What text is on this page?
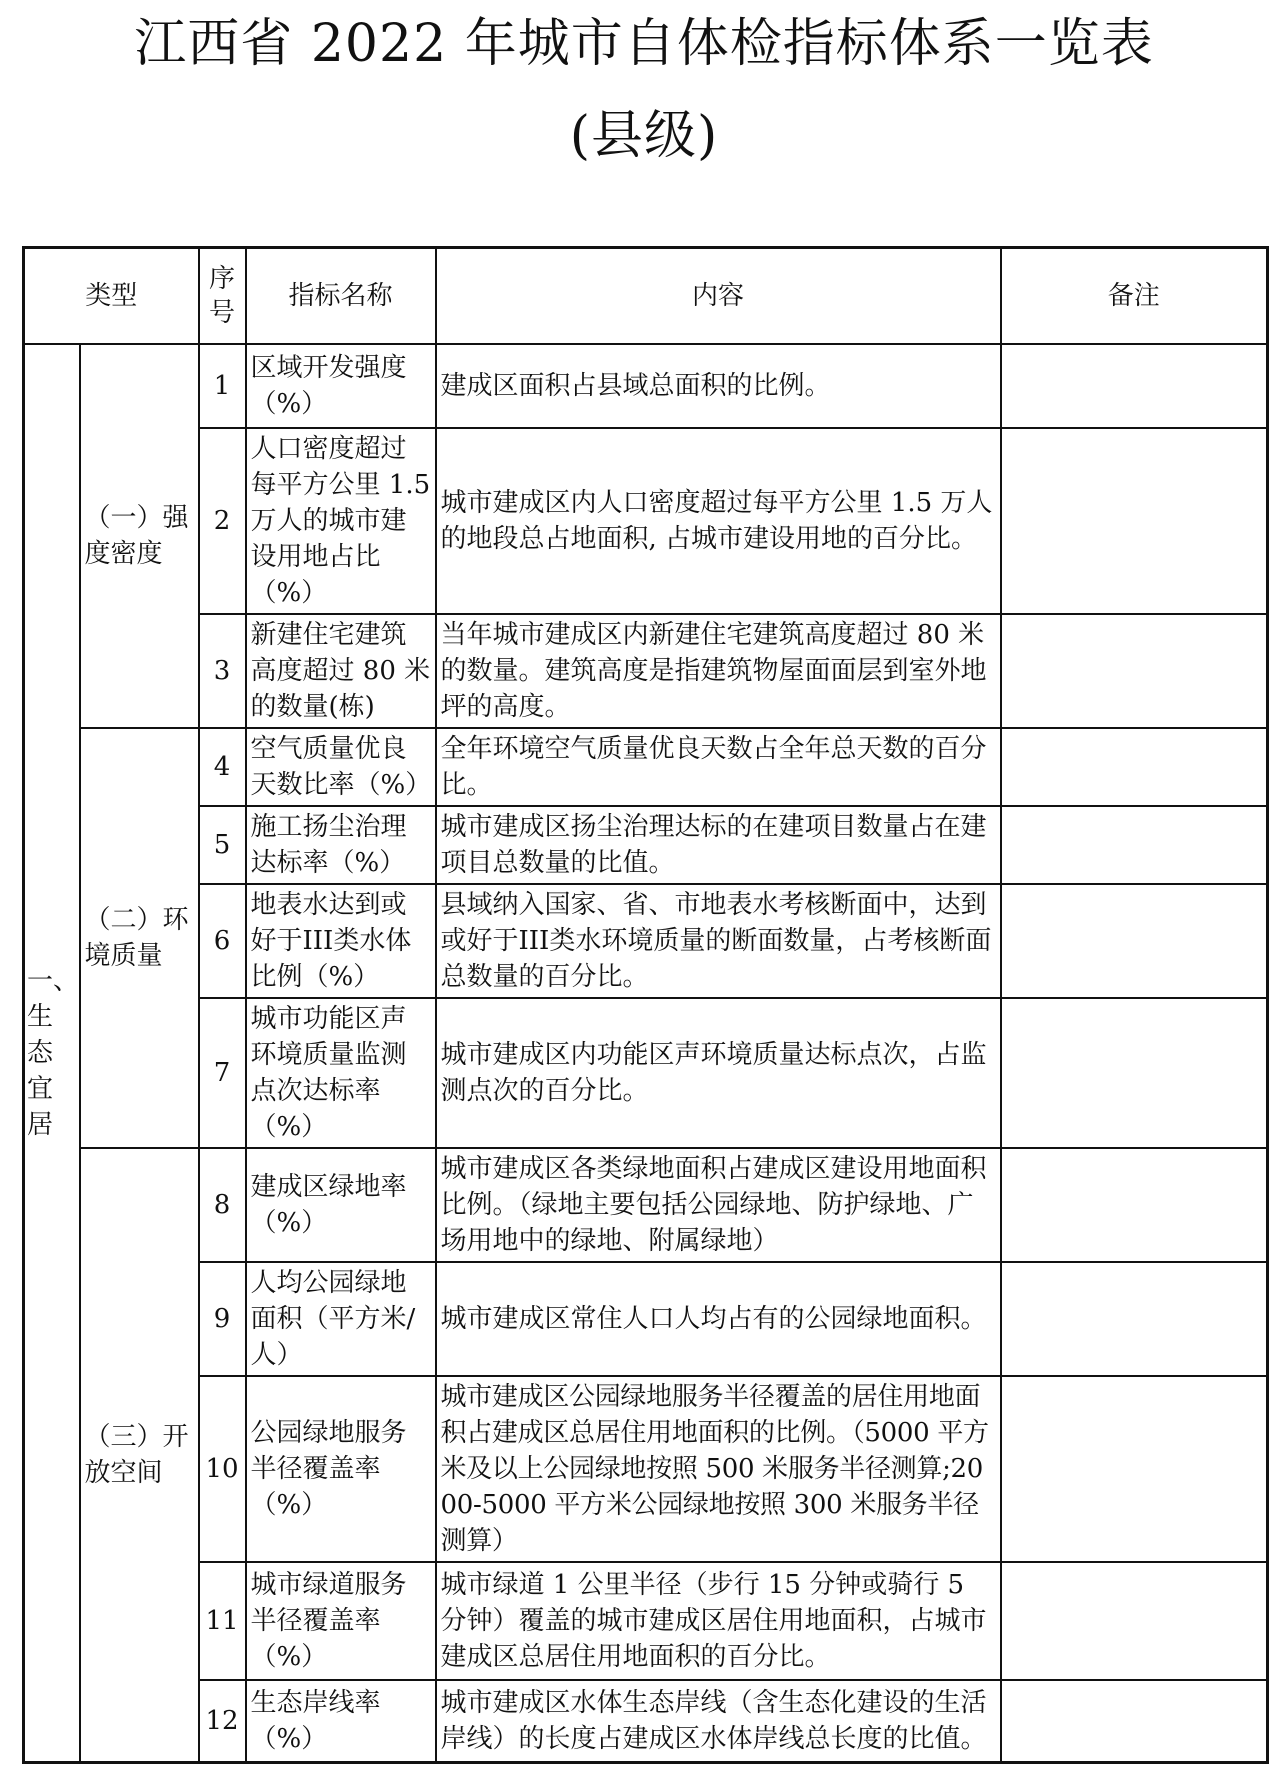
江西省 2022 年城市自体检指标体系一览表
(县级)
类型		序号	指标名称	内容	备注
一、生态宜居	（一）强度密度	1	区域开发强度（%）	建成区面积占县域总面积的比例。	
		2	人口密度超过每平方公里 1.5 万人的城市建设用地占比（%）	城市建成区内人口密度超过每平方公里 1.5 万人的地段总占地面积, 占城市建设用地的百分比。	
		3	新建住宅建筑高度超过 80 米的数量(栋)	当年城市建成区内新建住宅建筑高度超过 80 米的数量。建筑高度是指建筑物屋面面层到室外地坪的高度。	
	（二）环境质量	4	空气质量优良天数比率（%）	全年环境空气质量优良天数占全年总天数的百分比。	
		5	施工扬尘治理达标率（%）	城市建成区扬尘治理达标的在建项目数量占在建项目总数量的比值。	
		6	地表水达到或好于III类水体比例（%）	县域纳入国家、省、市地表水考核断面中，达到或好于III类水环境质量的断面数量，占考核断面总数量的百分比。	
		7	城市功能区声环境质量监测点次达标率（%）	城市建成区内功能区声环境质量达标点次，占监测点次的百分比。	
	（三）开放空间	8	建成区绿地率（%）	城市建成区各类绿地面积占建成区建设用地面积比例。（绿地主要包括公园绿地、防护绿地、广场用地中的绿地、附属绿地）	
		9	人均公园绿地面积（平方米/人）	城市建成区常住人口人均占有的公园绿地面积。	
		10	公园绿地服务半径覆盖率（%）	城市建成区公园绿地服务半径覆盖的居住用地面积占建成区总居住用地面积的比例。（5000 平方米及以上公园绿地按照 500 米服务半径测算;2000-5000 平方米公园绿地按照 300 米服务半径测算）	
		11	城市绿道服务半径覆盖率（%）	城市绿道 1 公里半径（步行 15 分钟或骑行 5 分钟）覆盖的城市建成区居住用地面积，占城市建成区总居住用地面积的百分比。	
		12	生态岸线率（%）	城市建成区水体生态岸线（含生态化建设的生活岸线）的长度占建成区水体岸线总长度的比值。	
